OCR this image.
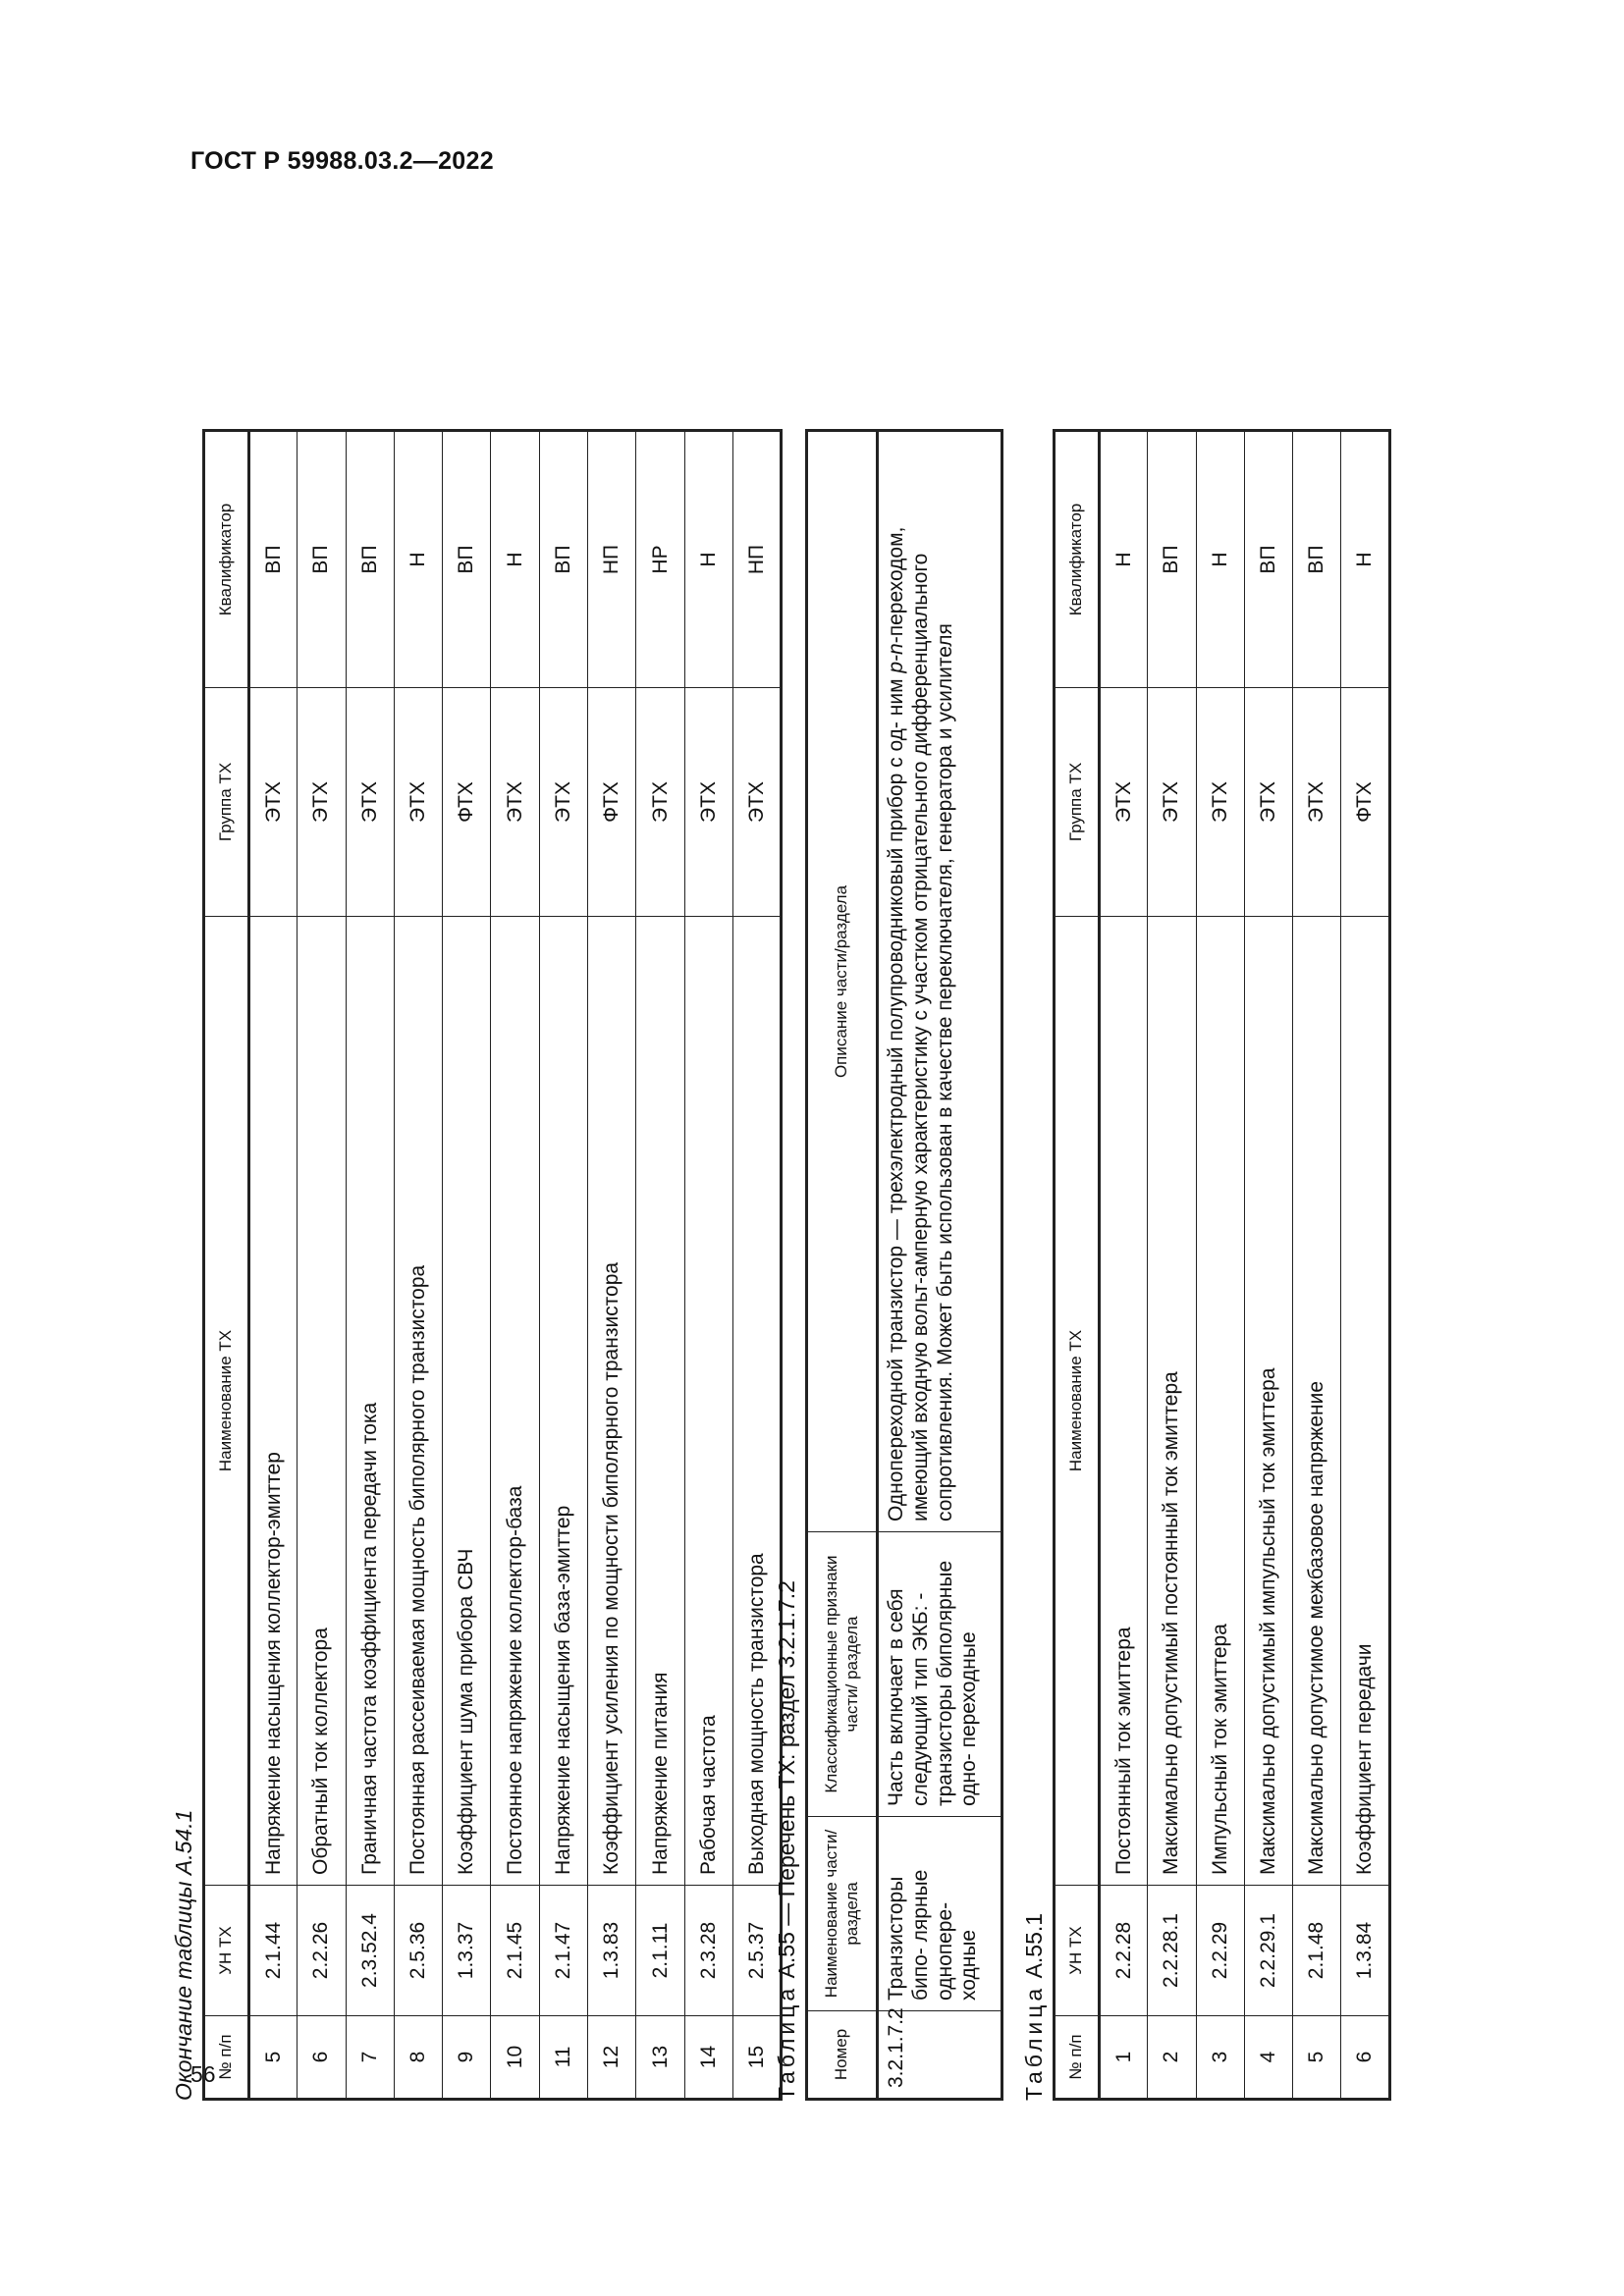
ГОСТ Р 59988.03.2—2022
56
Окончание таблицы А.54.1 № п/п	УН ТХ	Наименование ТХ	Группа ТХ	Квалификатор
5	2.1.44	Напряжение насыщения коллектор-эмиттер	ЭТХ	ВП
6	2.2.26	Обратный ток коллектора	ЭТХ	ВП
7	2.3.52.4	Граничная частота коэффициента передачи тока	ЭТХ	ВП
8	2.5.36	Постоянная рассеиваемая мощность биполярного транзистора	ЭТХ	Н
9	1.3.37	Коэффициент шума прибора СВЧ	ФТХ	ВП
10	2.1.45	Постоянное напряжение коллектор-база	ЭТХ	Н
11	2.1.47	Напряжение насыщения база-эмиттер	ЭТХ	ВП
12	1.3.83	Коэффициент усиления по мощности биполярного транзистора	ФТХ	НП
13	2.1.11	Напряжение питания	ЭТХ	НР
14	2.3.28	Рабочая частота	ЭТХ	Н
15	2.5.37	Выходная мощность транзистора	ЭТХ	НП
Таблица А.55 — Перечень ТХ: раздел 3.2.1.7.2
Номер	Наименование части/ раздела	Классификационные признаки части/ раздела	Описание части/раздела
3.2.1.7.2	Транзисторы бипо- лярные однопере- ходные	Часть включает в себя следующий тип ЭКБ: - транзисторы биполярные одно- переходные	Однопереходной транзистор — трехэлектродный полупроводниковый прибор с од- ним p-n-переходом, имеющий входную вольт-амперную характеристику с участком отрицательного дифференциального сопротивления. Может быть использован в качестве переключателя, генератора и усилителя
Таблица А.55.1
№ п/п	УН ТХ	Наименование ТХ	Группа ТХ	Квалификатор
1	2.2.28	Постоянный ток эмиттера	ЭТХ	Н
2	2.2.28.1	Максимально допустимый постоянный ток эмиттера	ЭТХ	ВП
3	2.2.29	Импульсный ток эмиттера	ЭТХ	Н
4	2.2.29.1	Максимально допустимый импульсный ток эмиттера	ЭТХ	ВП
5	2.1.48	Максимально допустимое межбазовое напряжение	ЭТХ	ВП
6	1.3.84	Коэффициент передачи	ФТХ	Н
